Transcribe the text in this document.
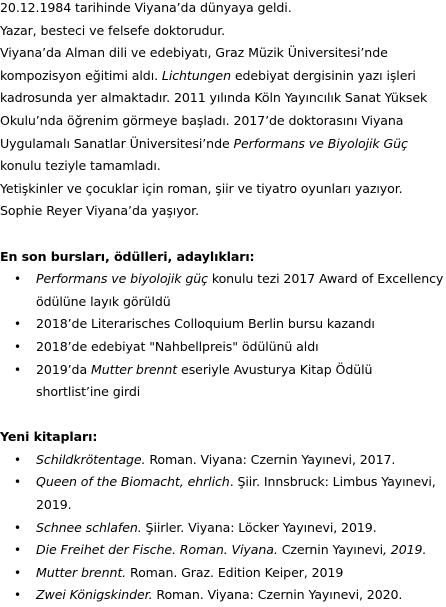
20.12.1984 tarihinde Viyana’da dünyaya geldi.

Yazar, besteci ve felsefe doktorudur.

Viyana’da Alman dili ve edebiyatı, Graz Müzik Üniversitesi’nde kompozisyon eğitimi aldı. Lichtungen edebiyat dergisinin yazı işleri kadrosunda yer almaktadır. 2011 yılında Köln Yayıncılık Sanat Yüksek Okulu’nda öğrenim görmeye başladı. 2017’de doktorasını Viyana Uygulamalı Sanatlar Üniversitesi’nde Performans ve Biyolojik Güç konulu teziyle tamamladı.

Yetişkinler ve çocuklar için roman, şiir ve tiyatro oyunları yazıyor.

Sophie Reyer Viyana’da yaşıyor.

En son bursları, ödülleri, adaylıkları:

• Performans ve biyolojik güç konulu tezi 2017 Award of Excellency ödülüne layık görüldü
• 2018’de Literarisches Colloquium Berlin bursu kazandı
• 2018’de edebiyat "Nahbellpreis" ödülünü aldı
• 2019’da Mutter brennt eseriyle Avusturya Kitap Ödülü shortlist’ine girdi

Yeni kitapları:

• Schildkrötentage. Roman. Viyana: Czernin Yayınevi, 2017.
• Queen of the Biomacht, ehrlich. Şiir. Innsbruck: Limbus Yayınevi, 2019.
• Schnee schlafen. Şiirler. Viyana: Löcker Yayınevi, 2019.
• Die Freihet der Fische. Roman. Viyana. Czernin Yayınevi, 2019.
• Mutter brennt. Roman. Graz. Edition Keiper, 2019
• Zwei Königskinder. Roman. Viyana: Czernin Yayınevi, 2020.
